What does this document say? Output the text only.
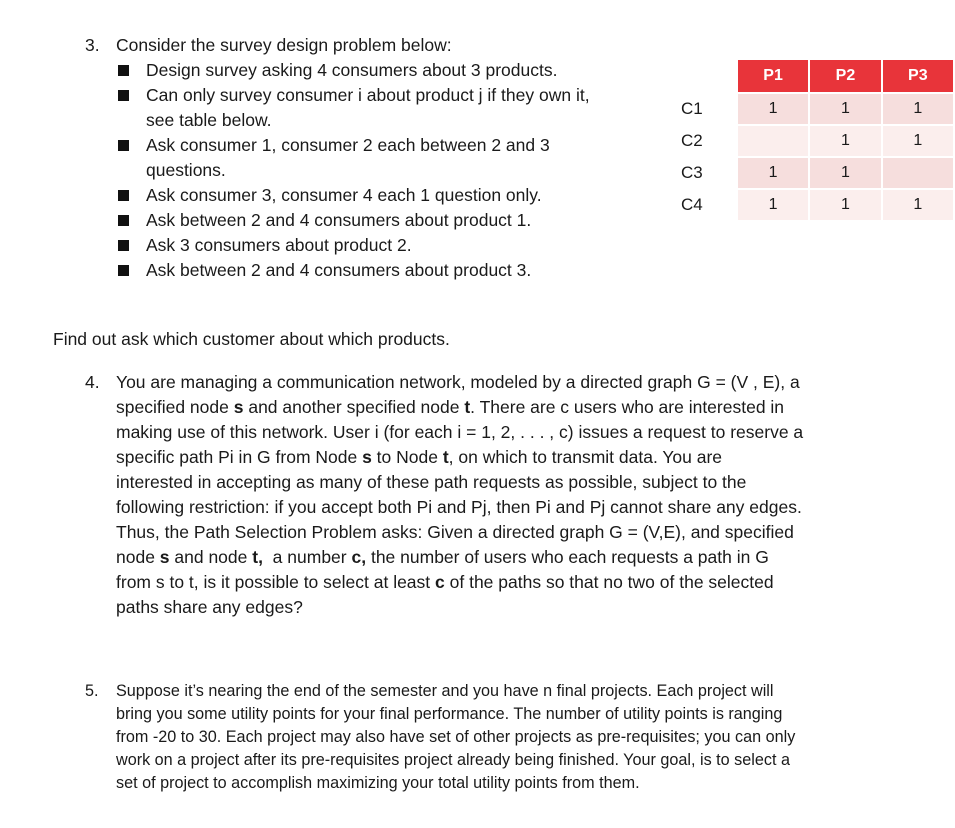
3. Consider the survey design problem below:
Design survey asking 4 consumers about 3 products.
Can only survey consumer i about product j if they own it,
see table below.
Ask consumer 1, consumer 2 each between 2 and 3
questions.
Ask consumer 3, consumer 4 each 1 question only.
Ask between 2 and 4 consumers about product 1.
Ask 3 consumers about product 2.
Ask between 2 and 4 consumers about product 3.
	P1	P2	P3
C1	1	1	1
C2		1	1
C3	1	1	
C4	1	1	1
Find out ask which customer about which products.
4. You are managing a communication network, modeled by a directed graph G = (V , E), a
specified node s and another specified node t. There are c users who are interested in
making use of this network. User i (for each i = 1, 2, . . . , c) issues a request to reserve a
specific path Pi in G from Node s to Node t, on which to transmit data. You are
interested in accepting as many of these path requests as possible, subject to the
following restriction: if you accept both Pi and Pj, then Pi and Pj cannot share any edges.
Thus, the Path Selection Problem asks: Given a directed graph G = (V,E), and specified
node s and node t,  a number c, the number of users who each requests a path in G
from s to t, is it possible to select at least c of the paths so that no two of the selected
paths share any edges?
5. Suppose it’s nearing the end of the semester and you have n final projects. Each project will
bring you some utility points for your final performance. The number of utility points is ranging
from -20 to 30. Each project may also have set of other projects as pre-requisites; you can only
work on a project after its pre-requisites project already being finished. Your goal, is to select a
set of project to accomplish maximizing your total utility points from them.
